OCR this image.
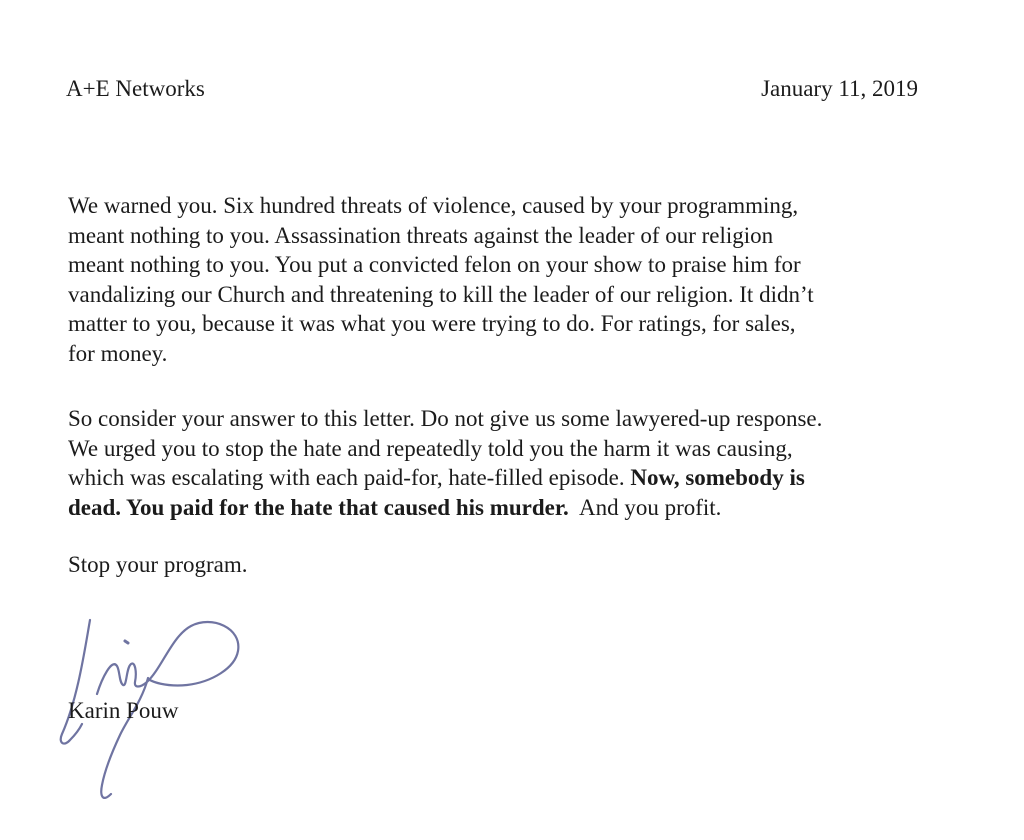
A+E Networks	January 11, 2019
We warned you. Six hundred threats of violence, caused by your programming,
meant nothing to you. Assassination threats against the leader of our religion
meant nothing to you. You put a convicted felon on your show to praise him for
vandalizing our Church and threatening to kill the leader of our religion. It didn’t
matter to you, because it was what you were trying to do. For ratings, for sales,
for money.
So consider your answer to this letter. Do not give us some lawyered-up response.
We urged you to stop the hate and repeatedly told you the harm it was causing,
which was escalating with each paid-for, hate-filled episode. Now, somebody is
dead. You paid for the hate that caused his murder.  And you profit.
Stop your program.
Karin Pouw
